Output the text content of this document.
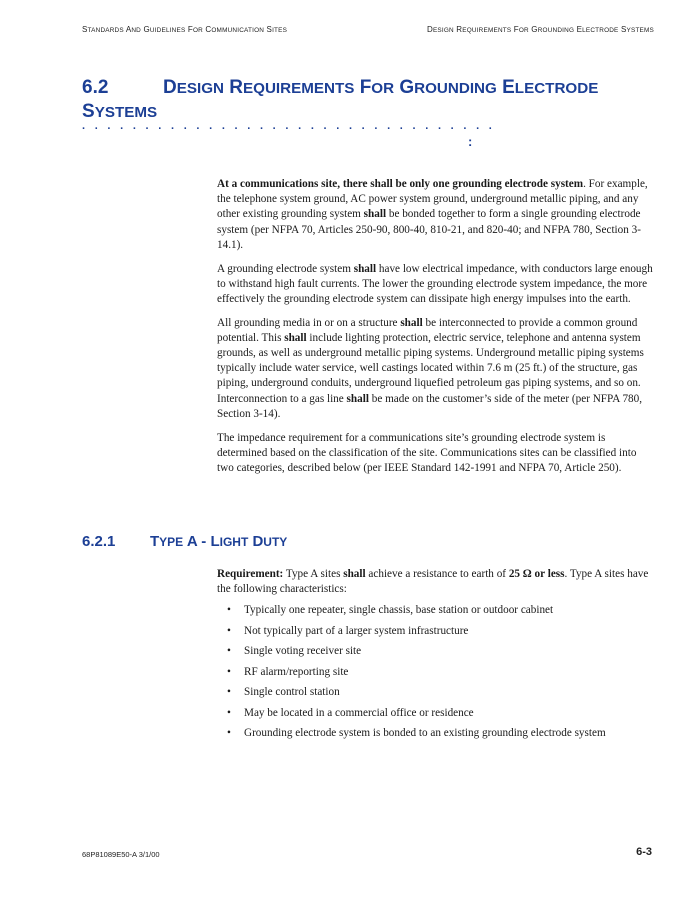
STANDARDS AND GUIDELINES FOR COMMUNICATION SITES	DESIGN REQUIREMENTS FOR GROUNDING ELECTRODE SYSTEMS
6.2	DESIGN REQUIREMENTS FOR GROUNDING ELECTRODE
SYSTEMS
. . . . . . . . . . . . . . . . . . . . . . . . . . . . . . . . .
:

At a communications site, there shall be only one grounding electrode system. For example, the telephone system ground, AC power system ground, underground metallic piping, and any other existing grounding system shall be bonded together to form a single grounding electrode system (per NFPA 70, Articles 250-90, 800-40, 810-21, and 820-40; and NFPA 780, Section 3-14.1).

A grounding electrode system shall have low electrical impedance, with conductors large enough to withstand high fault currents. The lower the grounding electrode system impedance, the more effectively the grounding electrode system can dissipate high energy impulses into the earth.

All grounding media in or on a structure shall be interconnected to provide a common ground potential. This shall include lighting protection, electric service, telephone and antenna system grounds, as well as underground metallic piping systems. Underground metallic piping systems typically include water service, well castings located within 7.6 m (25 ft.) of the structure, gas piping, underground conduits, underground liquefied petroleum gas piping systems, and so on. Interconnection to a gas line shall be made on the customer’s side of the meter (per NFPA 780, Section 3-14).

The impedance requirement for a communications site’s grounding electrode system is determined based on the classification of the site. Communications sites can be classified into two categories, described below (per IEEE Standard 142-1991 and NFPA 70, Article 250).

6.2.1 TYPE A - LIGHT DUTY

Requirement: Type A sites shall achieve a resistance to earth of 25 Ω or less. Type A sites have the following characteristics:

• Typically one repeater, single chassis, base station or outdoor cabinet
• Not typically part of a larger system infrastructure
• Single voting receiver site
• RF alarm/reporting site
• Single control station
• May be located in a commercial office or residence
• Grounding electrode system is bonded to an existing grounding electrode system
68P81089E50-A 3/1/00	6-3
